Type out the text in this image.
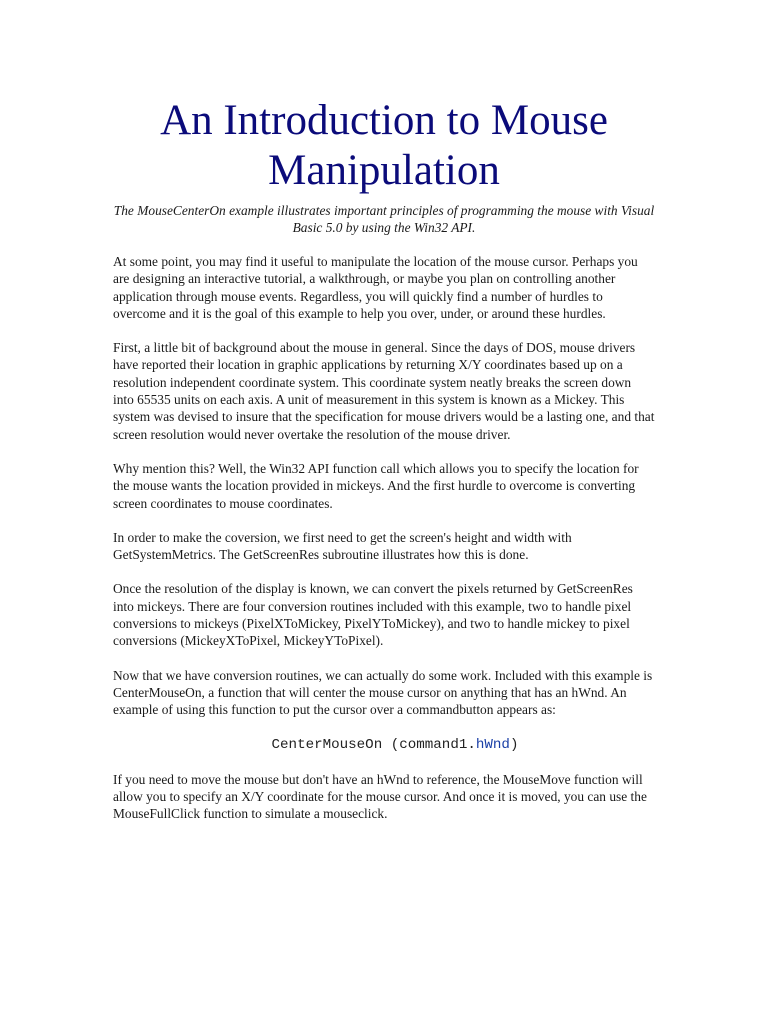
An Introduction to Mouse Manipulation
The MouseCenterOn example illustrates important principles of programming the mouse with Visual Basic 5.0 by using the Win32 API.

At some point, you may find it useful to manipulate the location of the mouse cursor. Perhaps you are designing an interactive tutorial, a walkthrough, or maybe you plan on controlling another application through mouse events. Regardless, you will quickly find a number of hurdles to overcome and it is the goal of this example to help you over, under, or around these hurdles.

First, a little bit of background about the mouse in general. Since the days of DOS, mouse drivers have reported their location in graphic applications by returning X/Y coordinates based up on a resolution independent coordinate system. This coordinate system neatly breaks the screen down into 65535 units on each axis. A unit of measurement in this system is known as a Mickey. This system was devised to insure that the specification for mouse drivers would be a lasting one, and that screen resolution would never overtake the resolution of the mouse driver.

Why mention this? Well, the Win32 API function call which allows you to specify the location for the mouse wants the location provided in mickeys. And the first hurdle to overcome is converting screen coordinates to mouse coordinates.

In order to make the coversion, we first need to get the screen's height and width with GetSystemMetrics. The GetScreenRes subroutine illustrates how this is done.

Once the resolution of the display is known, we can convert the pixels returned by GetScreenRes into mickeys. There are four conversion routines included with this example, two to handle pixel conversions to mickeys (PixelXToMickey, PixelYToMickey), and two to handle mickey to pixel conversions (MickeyXToPixel, MickeyYToPixel).

Now that we have conversion routines, we can actually do some work. Included with this example is CenterMouseOn, a function that will center the mouse cursor on anything that has an hWnd. An example of using this function to put the cursor over a commandbutton appears as:

CenterMouseOn (command1.hWnd)

If you need to move the mouse but don't have an hWnd to reference, the MouseMove function will allow you to specify an X/Y coordinate for the mouse cursor. And once it is moved, you can use the MouseFullClick function to simulate a mouseclick.
